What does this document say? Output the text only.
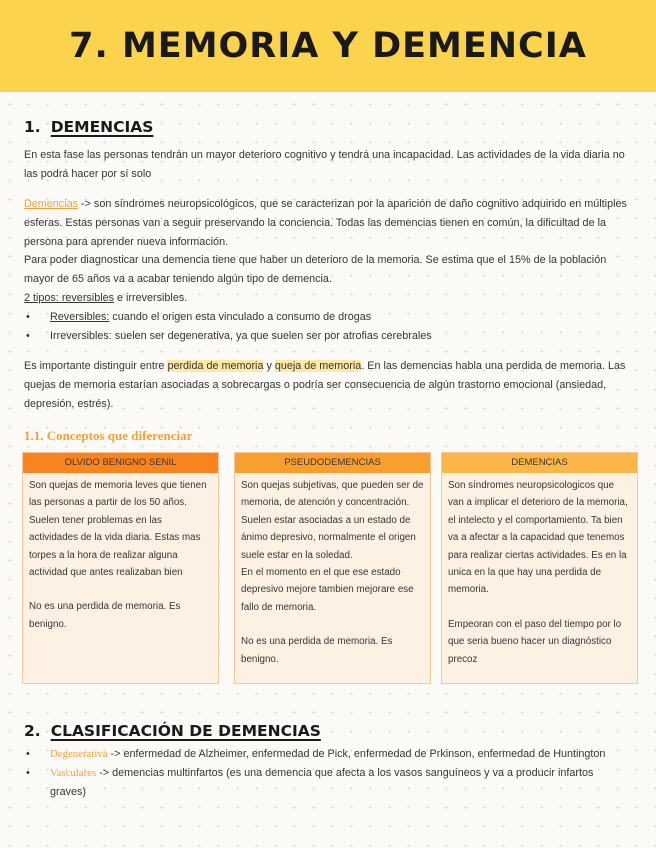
7. MEMORIA Y DEMENCIA
1. DEMENCIAS

En esta fase las personas tendrán un mayor deterioro cognitivo y tendrá una incapacidad. Las actividades de la vida diaria no las podrá hacer por sí solo

Demencias -> son síndromes neuropsicológicos, que se caracterizan por la aparición de daño cognitivo adquirido en múltiples esferas. Estas personas van a seguir preservando la conciencia. Todas las demencias tienen en común, la dificultad de la persona para aprender nueva información.
Para poder diagnosticar una demencia tiene que haber un deterioro de la memoria. Se estima que el 15% de la población mayor de 65 años va a acabar teniendo algún tipo de demencia.
2 tipos: reversibles e irreversibles.
• Reversibles: cuando el origen esta vinculado a consumo de drogas
• Irreversibles: suelen ser degenerativa, ya que suelen ser por atrofias cerebrales

Es importante distinguir entre perdida de memoria y queja de memoria. En las demencias habla una perdida de memoria. Las quejas de memoria estarían asociadas a sobrecargas o podría ser consecuencia de algún trastorno emocional (ansiedad, depresión, estrés).

1.1. Conceptos que diferenciar
OLVIDO BENIGNO SENIL

Son quejas de memoria leves que tienen las personas a partir de los 50 años. Suelen tener problemas en las actividades de la vida diaria. Estas mas torpes a la hora de realizar alguna actividad que antes realizaban bien

No es una perdida de memoria. Es benigno.

PSEUDODEMENCIAS

Son quejas subjetivas, que pueden ser de memoria, de atención y concentración. Suelen estar asociadas a un estado de ánimo depresivo, normalmente el origen suele estar en la soledad.

En el momento en el que ese estado depresivo mejore tambien mejorare ese fallo de memoria.

No es una perdida de memoria. Es benigno.

DEMENCIAS

Son síndromes neuropsicologicos que van a implicar el deterioro de la memoria, el intelecto y el comportamiento. Ta bien va a afectar a la capacidad que tenemos para realizar ciertas actividades. Es en la unica en la que hay una perdida de memoria.

Empeoran con el paso del tiempo por lo que seria bueno hacer un diagnóstico precoz

2. CLASIFICACIÓN DE DEMENCIAS
• Degenerativa -> enfermedad de Alzheimer, enfermedad de Pick, enfermedad de Prkinson, enfermedad de Huntington
• Vasculares -> demencias multinfartos (es una demencia que afecta a los vasos sanguíneos y va a producir infartos graves)
